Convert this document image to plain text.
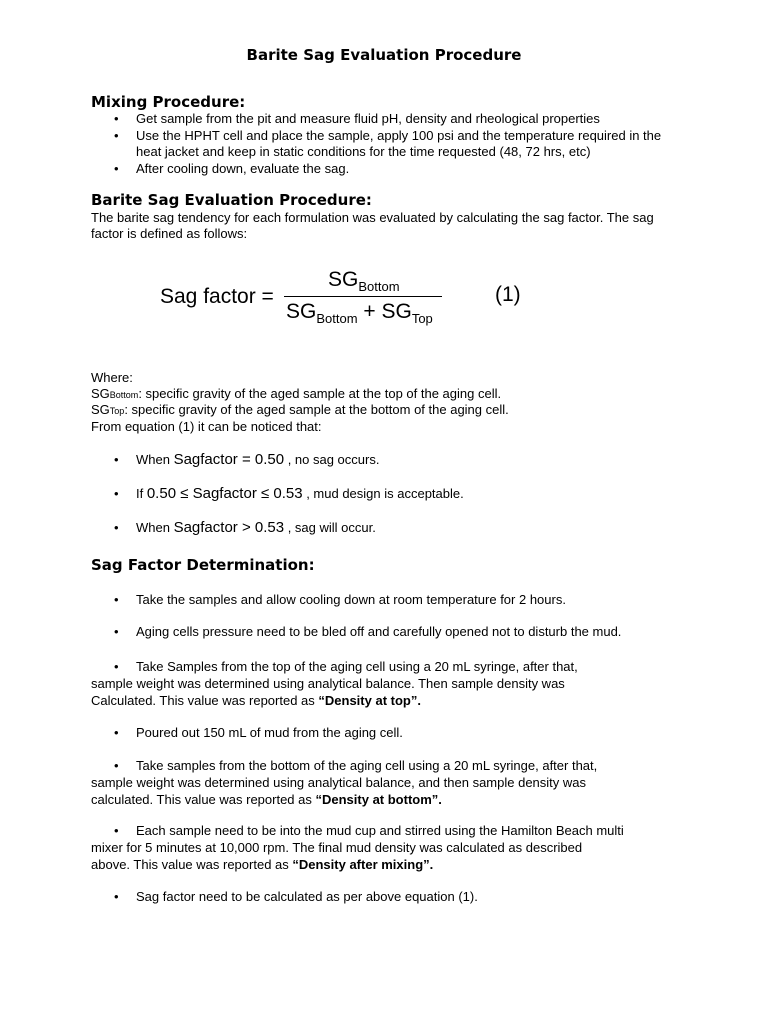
Barite Sag Evaluation Procedure
Mixing Procedure:
• Get sample from the pit and measure fluid pH, density and rheological properties
• Use the HPHT cell and place the sample, apply 100 psi and the temperature required in the heat jacket and keep in static conditions for the time requested (48, 72 hrs, etc)
• After cooling down, evaluate the sag.
Barite Sag Evaluation Procedure:
The barite sag tendency for each formulation was evaluated by calculating the sag factor. The sag factor is defined as follows:
Sag factor =
$SG_{Bottom}$
$SG_{Bottom} + SG_{Top}$
(1)
Where:
SGBottom: specific gravity of the aged sample at the top of the aging cell.
SGTop: specific gravity of the aged sample at the bottom of the aging cell.
From equation (1) it can be noticed that:
• When Sagfactor = 0.50 , no sag occurs.
• If 0.50 ≤ Sagfactor ≤ 0.53 , mud design is acceptable.
• When Sagfactor > 0.53 , sag will occur.
Sag Factor Determination:
• Take the samples and allow cooling down at room temperature for 2 hours.
• Aging cells pressure need to be bled off and carefully opened not to disturb the mud.

• Take Samples from the top of the aging cell using a 20 mL syringe, after that,
sample weight was determined using analytical balance. Then sample density was
Calculated. This value was reported as “Density at top”.
• Poured out 150 mL of mud from the aging cell.
• Take samples from the bottom of the aging cell using a 20 mL syringe, after that,
sample weight was determined using analytical balance, and then sample density was
calculated. This value was reported as “Density at bottom”.
• Each sample need to be into the mud cup and stirred using the Hamilton Beach multi
mixer for 5 minutes at 10,000 rpm. The final mud density was calculated as described
above. This value was reported as “Density after mixing”.
• Sag factor need to be calculated as per above equation (1).
